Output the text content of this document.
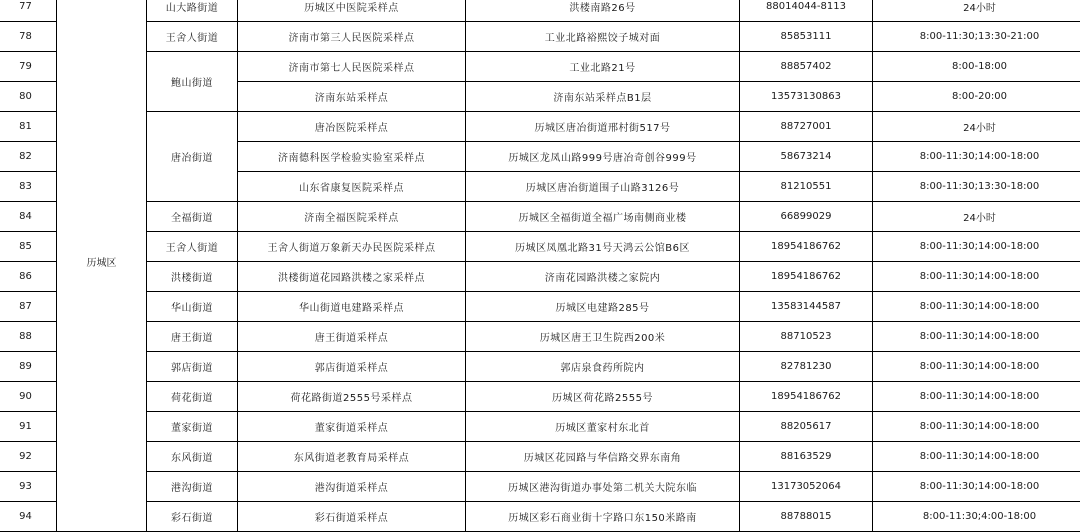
77	历城区	山大路街道	历城区中医院采样点	洪楼南路26号	88014044-8113	24小时
78		王舍人街道	济南市第三人民医院采样点	工业北路裕熙饺子城对面	85853111	8:00-11:30;13:30-21:00
79		鲍山街道	济南市第七人民医院采样点	工业北路21号	88857402	8:00-18:00
80			济南东站采样点	济南东站采样点B1层	13573130863	8:00-20:00
81		唐冶街道	唐冶医院采样点	历城区唐冶街道邢村街517号	88727001	24小时
82			济南德科医学检验实验室采样点	历城区龙凤山路999号唐冶奇创谷999号	58673214	8:00-11:30;14:00-18:00
83			山东省康复医院采样点	历城区唐冶街道围子山路3126号	81210551	8:00-11:30;13:30-18:00
84		全福街道	济南全福医院采样点	历城区全福街道全福广场南侧商业楼	66899029	24小时
85		王舍人街道	王舍人街道万象新天办民医院采样点	历城区凤凰北路31号天鸿云公馆B6区	18954186762	8:00-11:30;14:00-18:00
86		洪楼街道	洪楼街道花园路洪楼之家采样点	济南花园路洪楼之家院内	18954186762	8:00-11:30;14:00-18:00
87		华山街道	华山街道电建路采样点	历城区电建路285号	13583144587	8:00-11:30;14:00-18:00
88		唐王街道	唐王街道采样点	历城区唐王卫生院西200米	88710523	8:00-11:30;14:00-18:00
89		郭店街道	郭店街道采样点	郭店泉食药所院内	82781230	8:00-11:30;14:00-18:00
90		荷花街道	荷花路街道2555号采样点	历城区荷花路2555号	18954186762	8:00-11:30;14:00-18:00
91		董家街道	董家街道采样点	历城区董家村东北首	88205617	8:00-11:30;14:00-18:00
92		东风街道	东风街道老教育局采样点	历城区花园路与华信路交界东南角	88163529	8:00-11:30;14:00-18:00
93		港沟街道	港沟街道采样点	历城区港沟街道办事处第二机关大院东临	13173052064	8:00-11:30;14:00-18:00
94		彩石街道	彩石街道采样点	历城区彩石商业街十字路口东150米路南	88788015	8:00-11:30;4:00-18:00
